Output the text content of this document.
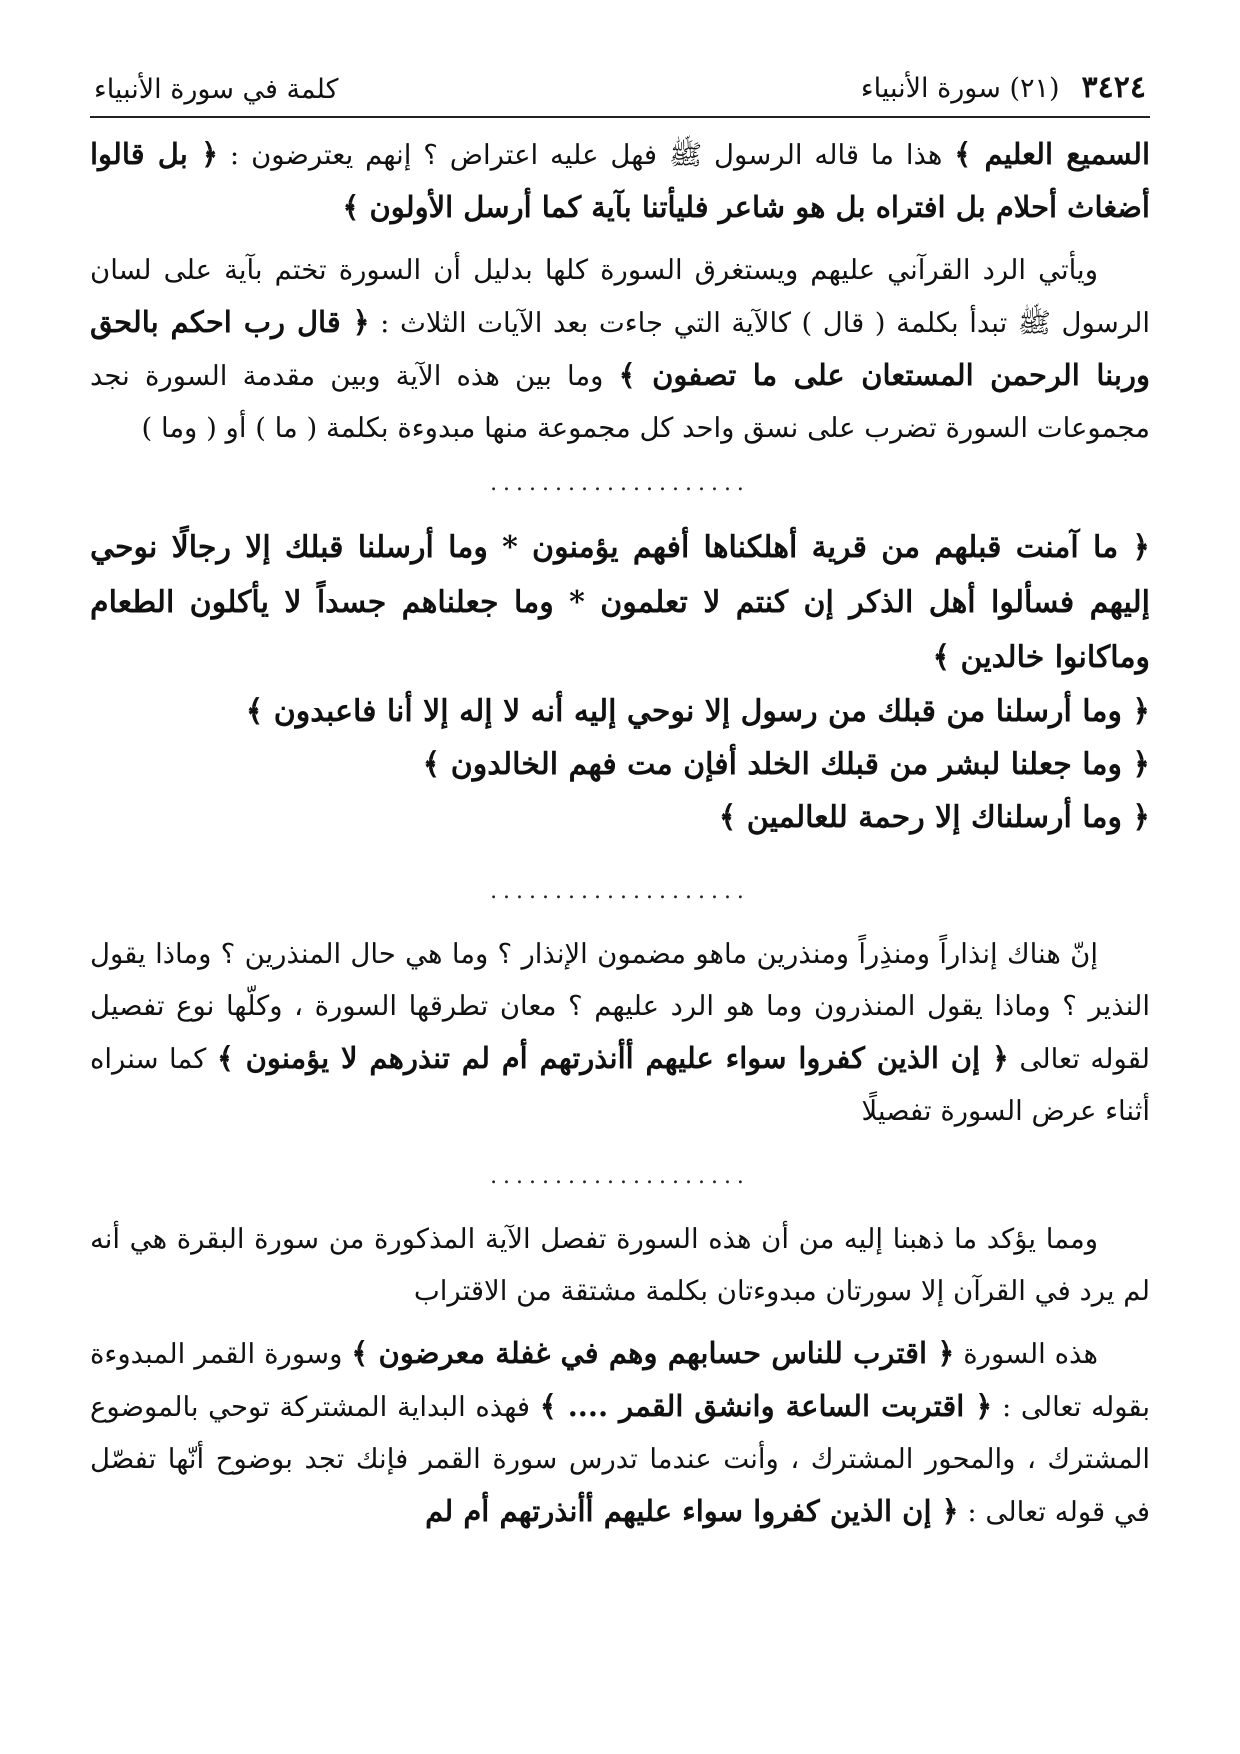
٣٤٢٤
(٢١) سورة الأنبياء
كلمة في سورة الأنبياء

السميع العليم ﴾ هذا ما قاله الرسول ﷺ فهل عليه اعتراض ؟ إنهم يعترضون : ﴿ بل قالوا أضغاث أحلام بل افتراه بل هو شاعر فليأتنا بآية كما أرسل الأولون ﴾

ويأتي الرد القرآني عليهم ويستغرق السورة كلها بدليل أن السورة تختم بآية على لسان الرسول ﷺ تبدأ بكلمة ( قال ) كالآية التي جاءت بعد الآيات الثلاث : ﴿ قال رب احكم بالحق وربنا الرحمن المستعان على ما تصفون ﴾ وما بين هذه الآية وبين مقدمة السورة نجد مجموعات السورة تضرب على نسق واحد كل مجموعة منها مبدوءة بكلمة ( ما ) أو ( وما )

....................

﴿ ما آمنت قبلهم من قرية أهلكناها أفهم يؤمنون * وما أرسلنا قبلك إلا رجالًا نوحي إليهم فسألوا أهل الذكر إن كنتم لا تعلمون * وما جعلناهم جسداً لا يأكلون الطعام وماكانوا خالدين ﴾

﴿ وما أرسلنا من قبلك من رسول إلا نوحي إليه أنه لا إله إلا أنا فاعبدون ﴾

﴿ وما جعلنا لبشر من قبلك الخلد أفإن مت فهم الخالدون ﴾

﴿ وما أرسلناك إلا رحمة للعالمين ﴾

....................

إنّ هناك إنذاراً ومنذِراً ومنذرين ماهو مضمون الإنذار ؟ وما هي حال المنذرين ؟ وماذا يقول النذير ؟ وماذا يقول المنذرون وما هو الرد عليهم ؟ معان تطرقها السورة ، وكلّها نوع تفصيل لقوله تعالى ﴿ إن الذين كفروا سواء عليهم أأنذرتهم أم لم تنذرهم لا يؤمنون ﴾ كما سنراه أثناء عرض السورة تفصيلًا

....................

ومما يؤكد ما ذهبنا إليه من أن هذه السورة تفصل الآية المذكورة من سورة البقرة هي أنه لم يرد في القرآن إلا سورتان مبدوءتان بكلمة مشتقة من الاقتراب

هذه السورة ﴿ اقترب للناس حسابهم وهم في غفلة معرضون ﴾ وسورة القمر المبدوءة بقوله تعالى : ﴿ اقتربت الساعة وانشق القمر .... ﴾ فهذه البداية المشتركة توحي بالموضوع المشترك ، والمحور المشترك ، وأنت عندما تدرس سورة القمر فإنك تجد بوضوح أنّها تفصّل في قوله تعالى : ﴿ إن الذين كفروا سواء عليهم أأنذرتهم أم لم
